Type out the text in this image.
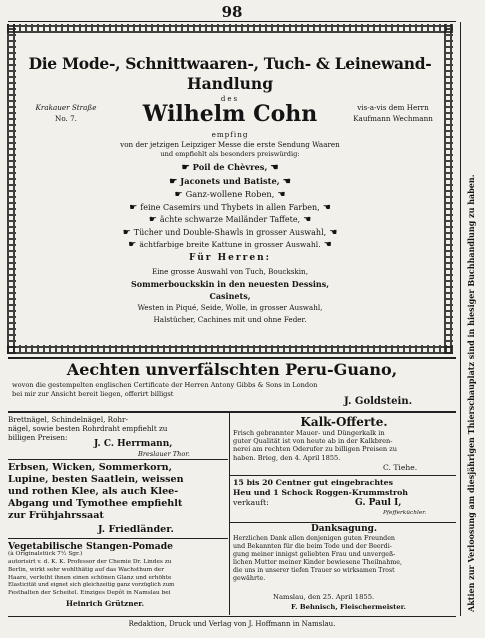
98
Die Mode-, Schnittwaaren-, Tuch- & Leinewand-
Handlung
des
Krakauer Straße
No. 7.	Wilhelm Cohn	vis-a-vis dem Herrn
Kaufmann Wechmann
empfing
von der jetzigen Leipziger Messe die erste Sendung Waaren
und empfiehlt als besonders preiswürdig:
☛ Poil de Chèvres, ☚
☛ Jaconets und Batiste, ☚
☛ Ganz-wollene Roben, ☚
☛ feine Casemirs und Thybets in allen Farben, ☚
☛ ächte schwarze Mailänder Taffete, ☚
☛ Tücher und Double-Shawls in grosser Auswahl, ☚
☛ ächtfarbige breite Kattune in grosser Auswahl. ☚
Für Herren:
Eine grosse Auswahl von Tuch, Bouckskin,
Sommerbouckskin in den neuesten Dessins,
Casinets,
Westen in Piqué, Seide, Wolle, in grosser Auswahl,
Halstücher, Cachines mit und ohne Feder.
Aechten unverfälschten Peru-Guano,
wovon die gestempelten englischen Certificate der Herren Antony Gibbs & Sons in London
bei mir zur Ansicht bereit liegen, offerirt billigst
J. Goldstein.
Brettnägel, Schindelnägel, Rohr-
nägel, sowie besten Rohrdraht empfiehlt zu
billigen Preisen:
J. C. Herrmann,
Breslauer Thor.
Erbsen, Wicken, Sommerkorn,
Lupine, besten Saatlein, weissen
und rothen Klee, als auch Klee-
Abgang und Tymothee empfiehlt
zur Frühjahrssaat
J. Friedländer.
Vegetabilische Stangen-Pomade
(à Originalstück 7½ Sgr.)
autorisirt v. d. K. K. Professor der Chemie Dr. Lindes zu
Berlin, wirkt sehr wohlthätig auf das Wachsthum der
Haare, verleiht ihnen einen schönen Glanz und erhöhte
Elasticität und eignet sich gleichzeitig ganz vorzüglich zum
Festhalten der Scheitel. Einziges Depôt in Namslau bei
Heinrich Grützner.
Kalk-Offerte.
Frisch gebrannter Mauer- und Düngerkalk in
guter Qualität ist von heute ab in der Kalkbren-
nerei am rechten Oderufer zu billigen Preisen zu
haben. Brieg, den 4. April 1855.
C. Tiehe.
15 bis 20 Centner gut eingebrachtes
Heu und 1 Schock Roggen-Krummstroh
verkauft:	G. Paul I,
Pfefferküchler.
Danksagung.
Herzlichen Dank allen denjenigen guten Freunden
und Bekannten für die beim Tode und der Beerdi-
gung meiner innigst geliebten Frau und unvergeß-
lichen Mutter meiner Kinder bewiesene Theilnahme,
die uns in unserer tiefen Trauer so wirksamen Trost
gewährte.
Namslau, den 25. April 1855.
F. Behnisch, Fleischermeister.
Redaktion, Druck und Verlag von J. Hoffmann in Namslau.
Aktien zur Verloosung am diesjährigen Thierschauplatz sind in hiesiger Buchhandlung zu haben.
